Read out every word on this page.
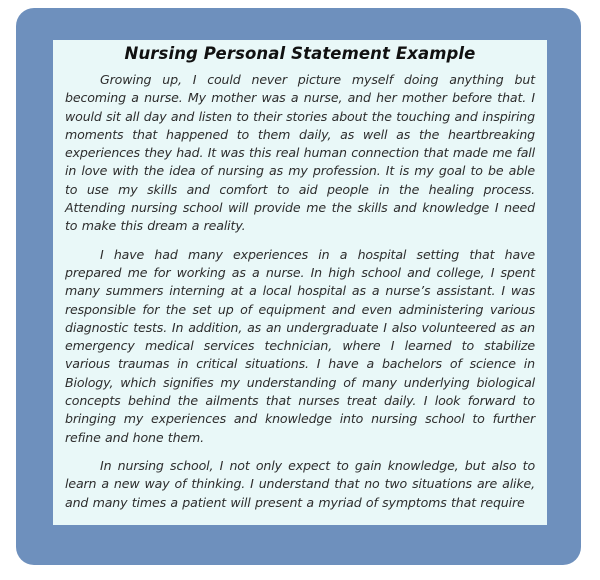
Nursing Personal Statement Example

Growing up, I could never picture myself doing anything but becoming a nurse. My mother was a nurse, and her mother before that. I would sit all day and listen to their stories about the touching and inspiring moments that happened to them daily, as well as the heartbreaking experiences they had. It was this real human connection that made me fall in love with the idea of nursing as my profession. It is my goal to be able to use my skills and comfort to aid people in the healing process. Attending nursing school will provide me the skills and knowledge I need to make this dream a reality.

I have had many experiences in a hospital setting that have prepared me for working as a nurse. In high school and college, I spent many summers interning at a local hospital as a nurse’s assistant. I was responsible for the set up of equipment and even administering various diagnostic tests. In addition, as an undergraduate I also volunteered as an emergency medical services technician, where I learned to stabilize various traumas in critical situations. I have a bachelors of science in Biology, which signifies my understanding of many underlying biological concepts behind the ailments that nurses treat daily. I look forward to bringing my experiences and knowledge into nursing school to further refine and hone them.

In nursing school, I not only expect to gain knowledge, but also to learn a new way of thinking. I understand that no two situations are alike, and many times a patient will present a myriad of symptoms that require
